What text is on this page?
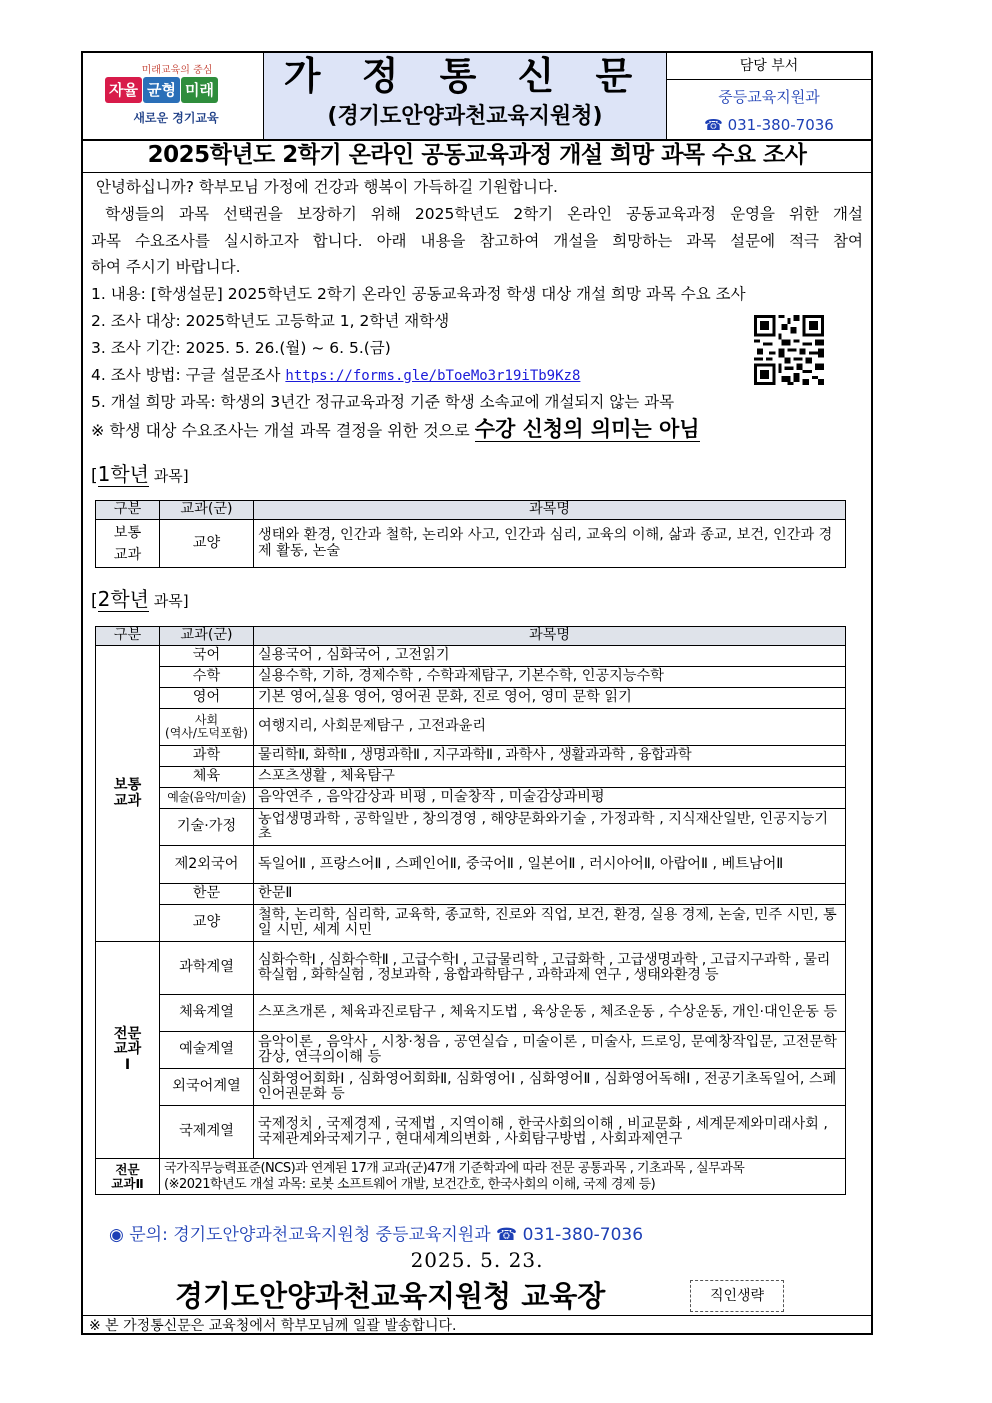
미래교육의 중심
자율 균형 미래
새로운 경기교육
가 정 통 신 문
(경기도안양과천교육지원청)
담당 부서
중등교육지원과
☎ 031-380-7036
2025학년도 2학기 온라인 공동교육과정 개설 희망 과목 수요 조사

안녕하십니까? 학부모님 가정에 건강과 행복이 가득하길 기원합니다.

학생들의 과목 선택권을 보장하기 위해 2025학년도 2학기 온라인 공동교육과정 운영을 위한 개설

과목 수요조사를 실시하고자 합니다. 아래 내용을 참고하여 개설을 희망하는 과목 설문에 적극 참여

하여 주시기 바랍니다.

1. 내용: [학생설문] 2025학년도 2학기 온라인 공동교육과정 학생 대상 개설 희망 과목 수요 조사

2. 조사 대상: 2025학년도 고등학교 1, 2학년 재학생

3. 조사 기간: 2025. 5. 26.(월) ~ 6. 5.(금)

4. 조사 방법: 구글 설문조사 https://forms.gle/bToeMo3r19iTb9Kz8

5. 개설 희망 과목: 학생의 3년간 정규교육과정 기준 학생 소속교에 개설되지 않는 과목

※ 학생 대상 수요조사는 개설 과목 결정을 위한 것으로 수강 신청의 의미는 아님

[1학년 과목]
구분	교과(군)	과목명
보통
교과	교양	생태와 환경, 인간과 철학, 논리와 사고, 인간과 심리, 교육의 이해, 삶과 종교, 보건, 인간과 경제 활동, 논술
[2학년 과목]
구분	교과(군)	과목명
보통
교과	국어	실용국어 , 심화국어 , 고전읽기
	수학	실용수학, 기하, 경제수학 , 수학과제탐구, 기본수학, 인공지능수학
	영어	기본 영어,실용 영어, 영어권 문화, 진로 영어, 영미 문학 읽기
	사회
(역사/도덕포함)	여행지리, 사회문제탐구 , 고전과윤리
	과학	물리학Ⅱ, 화학Ⅱ , 생명과학Ⅱ , 지구과학Ⅱ , 과학사 , 생활과과학 , 융합과학
	체육	스포츠생활 , 체육탐구
	예술(음악/미술)	음악연주 , 음악감상과 비평 , 미술창작 , 미술감상과비평
	기술·가정	농업생명과학 , 공학일반 , 창의경영 , 해양문화와기술 , 가정과학 , 지식재산일반, 인공지능기초
	제2외국어	독일어Ⅱ , 프랑스어Ⅱ , 스페인어Ⅱ, 중국어Ⅱ , 일본어Ⅱ , 러시아어Ⅱ, 아랍어Ⅱ , 베트남어Ⅱ
	한문	한문Ⅱ
	교양	철학, 논리학, 심리학, 교육학, 종교학, 진로와 직업, 보건, 환경, 실용 경제, 논술, 민주 시민, 통일 시민, 세계 시민
전문
교과
Ⅰ	과학계열	심화수학Ⅰ , 심화수학Ⅱ , 고급수학Ⅰ , 고급물리학 , 고급화학 , 고급생명과학 , 고급지구과학 , 물리학실험 , 화학실험 , 정보과학 , 융합과학탐구 , 과학과제 연구 , 생태와환경 등
	체육계열	스포츠개론 , 체육과진로탐구 , 체육지도법 , 육상운동 , 체조운동 , 수상운동, 개인·대인운동 등
	예술계열	음악이론 , 음악사 , 시창·청음 , 공연실습 , 미술이론 , 미술사, 드로잉, 문예창작입문, 고전문학감상, 연극의이해 등
	외국어계열	심화영어회화Ⅰ , 심화영어회화Ⅱ, 심화영어Ⅰ , 심화영어Ⅱ , 심화영어독해Ⅰ , 전공기초독일어, 스페인어권문화 등
	국제계열	국제정치 , 국제경제 , 국제법 , 지역이해 , 한국사회의이해 , 비교문화 , 세계문제와미래사회 , 국제관계와국제기구 , 현대세계의변화 , 사회탐구방법 , 사회과제연구
전문
교과Ⅱ	국가직무능력표준(NCS)과 연계된 17개 교과(군)47개 기준학과에 따라 전문 공통과목 , 기초과목 , 실무과목
(※2021학년도 개설 과목: 로봇 소프트웨어 개발, 보건간호, 한국사회의 이해, 국제 경제 등)	
◉ 문의: 경기도안양과천교육지원청 중등교육지원과 ☎ 031-380-7036
2025. 5. 23.
경기도안양과천교육지원청 교육장	직인생략
※ 본 가정통신문은 교육청에서 학부모님께 일괄 발송합니다.
